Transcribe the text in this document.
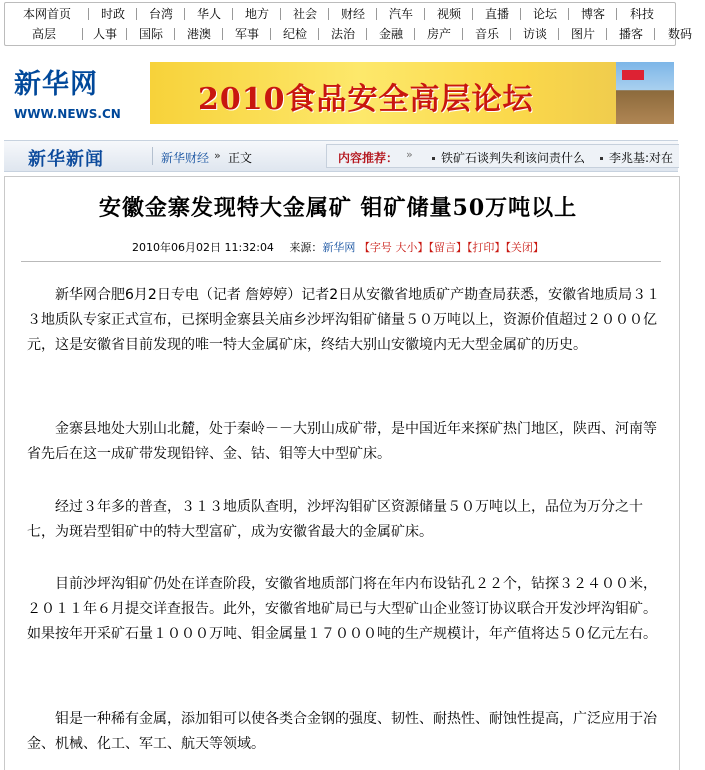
本网首页	时政	台湾	华人	地方	社会	财经	汽车	视频	直播	论坛	博客	科技
高层	人事	国际	港澳	军事	纪检	法治	金融	房产	音乐	访谈	图片	播客	数码
新华网
WWW.NEWS.CN	2010食品安全高层论坛
新华新闻	新华财经 » 正文	内容推荐： »	铁矿石谈判失利该问责什么	李兆基:对在
安徽金寨发现特大金属矿 钼矿储量50万吨以上
2010年06月02日 11:32:04 来源：新华网 【字号 大小】【留言】【打印】【关闭】

新华网合肥6月2日专电（记者 詹婷婷）记者2日从安徽省地质矿产勘查局获悉，安徽省地质局３１３地质队专家正式宣布，已探明金寨县关庙乡沙坪沟钼矿储量５０万吨以上，资源价值超过２０００亿元，这是安徽省目前发现的唯一特大金属矿床，终结大别山安徽境内无大型金属矿的历史。

金寨县地处大别山北麓，处于秦岭－－大别山成矿带，是中国近年来探矿热门地区，陕西、河南等省先后在这一成矿带发现铅锌、金、钴、钼等大中型矿床。

经过３年多的普查，３１３地质队查明，沙坪沟钼矿区资源储量５０万吨以上，品位为万分之十七，为斑岩型钼矿中的特大型富矿，成为安徽省最大的金属矿床。

目前沙坪沟钼矿仍处在详查阶段，安徽省地质部门将在年内布设钻孔２２个，钻探３２４００米，２０１１年６月提交详查报告。此外，安徽省地矿局已与大型矿山企业签订协议联合开发沙坪沟钼矿。如果按年开采矿石量１０００万吨、钼金属量１７０００吨的生产规模计，年产值将达５０亿元左右。

钼是一种稀有金属，添加钼可以使各类合金钢的强度、韧性、耐热性、耐蚀性提高，广泛应用于冶金、机械、化工、军工、航天等领域。
